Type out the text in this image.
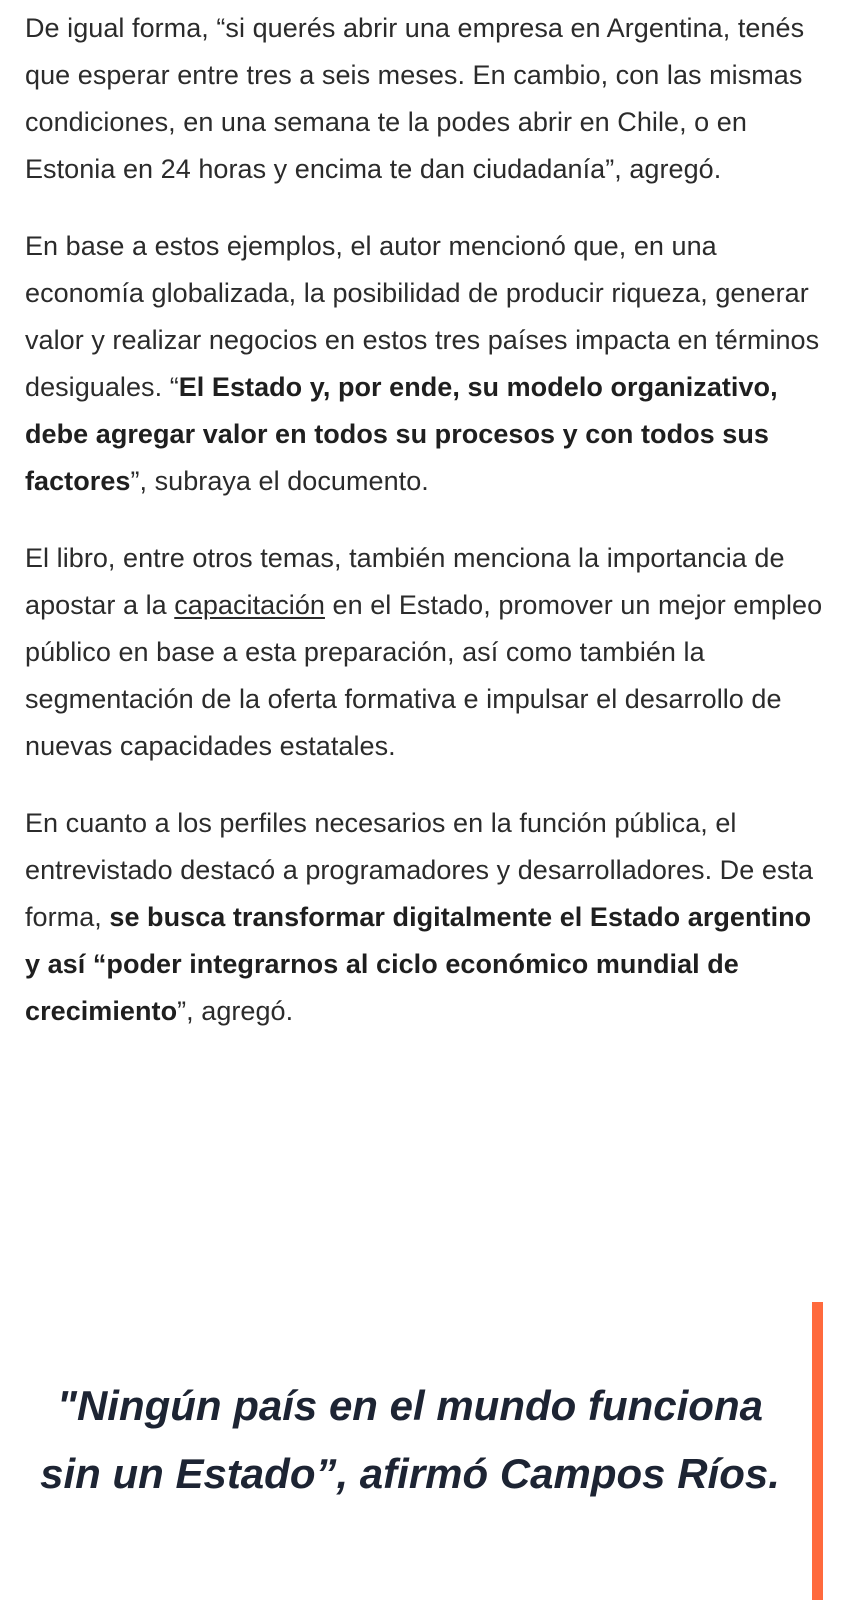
De igual forma, “si querés abrir una empresa en Argentina, tenés que esperar entre tres a seis meses. En cambio, con las mismas condiciones, en una semana te la podes abrir en Chile, o en Estonia en 24 horas y encima te dan ciudadanía”, agregó.

En base a estos ejemplos, el autor mencionó que, en una economía globalizada, la posibilidad de producir riqueza, generar valor y realizar negocios en estos tres países impacta en términos desiguales. “El Estado y, por ende, su modelo organizativo, debe agregar valor en todos su procesos y con todos sus factores”, subraya el documento.

El libro, entre otros temas, también menciona la importancia de apostar a la capacitación en el Estado, promover un mejor empleo público en base a esta preparación, así como también la segmentación de la oferta formativa e impulsar el desarrollo de nuevas capacidades estatales.

En cuanto a los perfiles necesarios en la función pública, el entrevistado destacó a programadores y desarrolladores. De esta forma, se busca transformar digitalmente el Estado argentino y así “poder integrarnos al ciclo económico mundial de crecimiento”, agregó.

"Ningún país en el mundo funciona sin un Estado”, afirmó Campos Ríos.
